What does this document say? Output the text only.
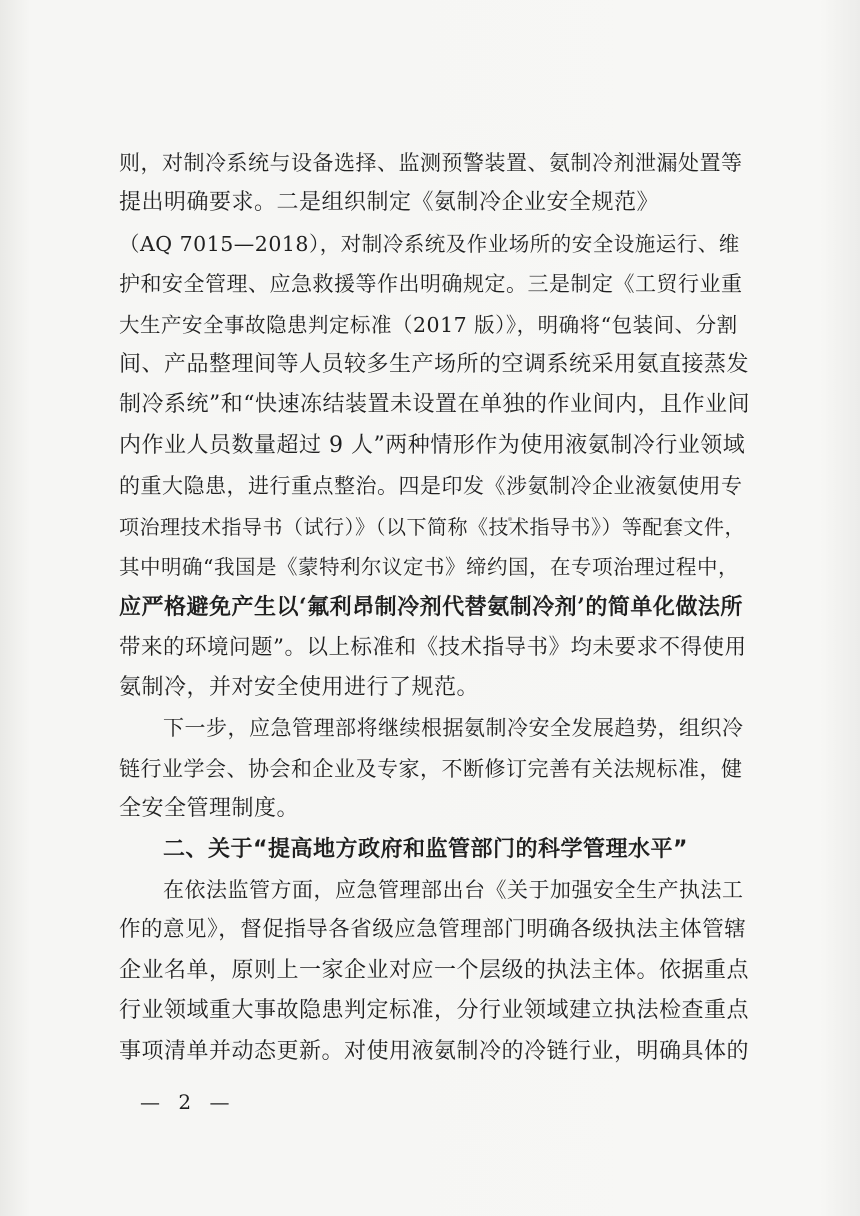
则，对制冷系统与设备选择、监测预警装置、氨制冷剂泄漏处置等
提出明确要求。二是组织制定《氨制冷企业安全规范》
（AQ 7015—2018），对制冷系统及作业场所的安全设施运行、维
护和安全管理、应急救援等作出明确规定。三是制定《工贸行业重
大生产安全事故隐患判定标准（2017 版）》，明确将“包装间、分割
间、产品整理间等人员较多生产场所的空调系统采用氨直接蒸发
制冷系统”和“快速冻结装置未设置在单独的作业间内，且作业间
内作业人员数量超过 9 人”两种情形作为使用液氨制冷行业领域
的重大隐患，进行重点整治。四是印发《涉氨制冷企业液氨使用专
项治理技术指导书（试行）》（以下简称《技术指导书》）等配套文件，
其中明确“我国是《蒙特利尔议定书》缔约国，在专项治理过程中，
应严格避免产生以‘氟利昂制冷剂代替氨制冷剂’的简单化做法所
带来的环境问题”。以上标准和《技术指导书》均未要求不得使用
氨制冷，并对安全使用进行了规范。
下一步，应急管理部将继续根据氨制冷安全发展趋势，组织冷
链行业学会、协会和企业及专家，不断修订完善有关法规标准，健
全安全管理制度。
二、关于“提高地方政府和监管部门的科学管理水平”
在依法监管方面，应急管理部出台《关于加强安全生产执法工
作的意见》，督促指导各省级应急管理部门明确各级执法主体管辖
企业名单，原则上一家企业对应一个层级的执法主体。依据重点
行业领域重大事故隐患判定标准，分行业领域建立执法检查重点
事项清单并动态更新。对使用液氨制冷的冷链行业，明确具体的
— 2 —
